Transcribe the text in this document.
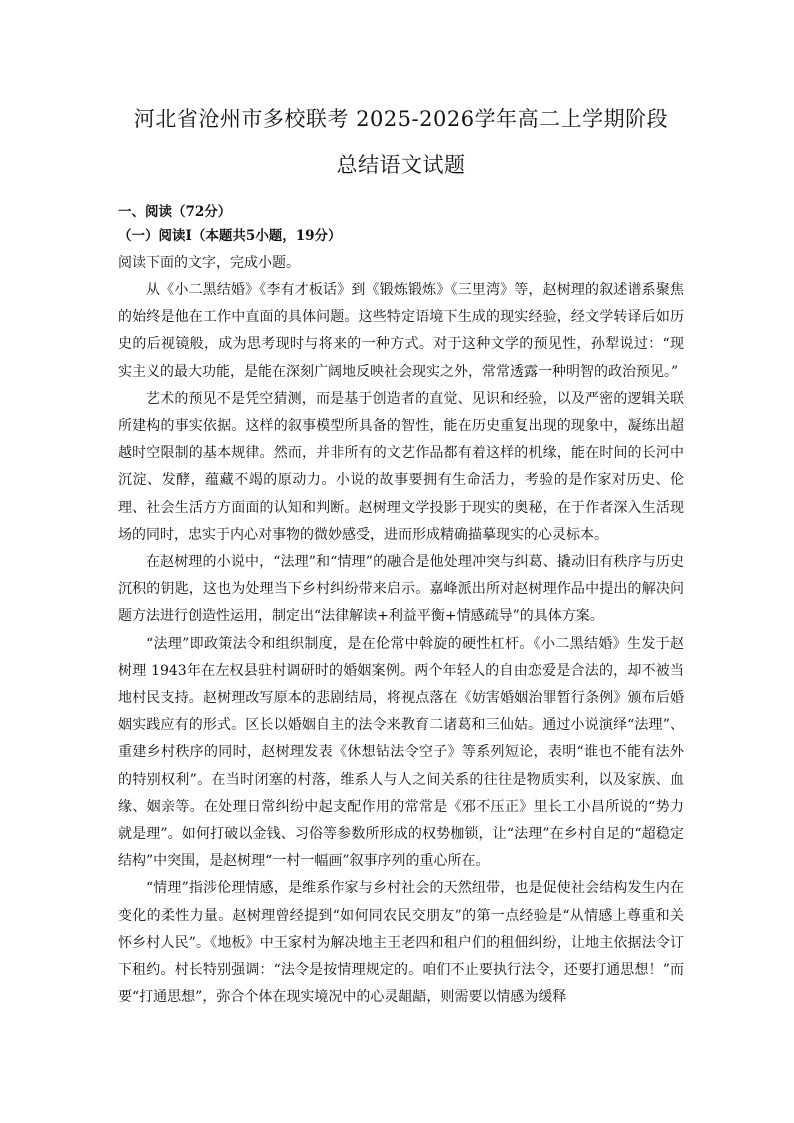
河北省沧州市多校联考 2025-2026学年高二上学期阶段
总结语文试题

一、阅读（72分）

（一）阅读Ⅰ（本题共5小题，19分）

阅读下面的文字，完成小题。

从《小二黑结婚》《李有才板话》到《锻炼锻炼》《三里湾》等，赵树理的叙述谱系聚焦的始终是他在工作中直面的具体问题。这些特定语境下生成的现实经验，经文学转译后如历史的后视镜般，成为思考现时与将来的一种方式。对于这种文学的预见性，孙犁说过：“现实主义的最大功能，是能在深刻广阔地反映社会现实之外，常常透露一种明智的政治预见。”

艺术的预见不是凭空猜测，而是基于创造者的直觉、见识和经验，以及严密的逻辑关联所建构的事实依据。这样的叙事模型所具备的智性，能在历史重复出现的现象中，凝练出超越时空限制的基本规律。然而，并非所有的文艺作品都有着这样的机缘，能在时间的长河中沉淀、发酵，蕴藏不竭的原动力。小说的故事要拥有生命活力，考验的是作家对历史、伦理、社会生活方方面面的认知和判断。赵树理文学投影于现实的奥秘，在于作者深入生活现场的同时，忠实于内心对事物的微妙感受，进而形成精确描摹现实的心灵标本。

在赵树理的小说中，“法理”和“情理”的融合是他处理冲突与纠葛、撬动旧有秩序与历史沉积的钥匙，这也为处理当下乡村纠纷带来启示。嘉峰派出所对赵树理作品中提出的解决问题方法进行创造性运用，制定出“法律解读+利益平衡+情感疏导”的具体方案。

“法理”即政策法令和组织制度，是在伦常中斡旋的硬性杠杆。《小二黑结婚》生发于赵树理 1943年在左权县驻村调研时的婚姻案例。两个年轻人的自由恋爱是合法的，却不被当地村民支持。赵树理改写原本的悲剧结局，将视点落在《妨害婚姻治罪暂行条例》颁布后婚姻实践应有的形式。区长以婚姻自主的法令来教育二诸葛和三仙姑。通过小说演绎“法理”、重建乡村秩序的同时，赵树理发表《休想钻法令空子》等系列短论，表明“谁也不能有法外的特别权利”。在当时闭塞的村落，维系人与人之间关系的往往是物质实利，以及家族、血缘、姻亲等。在处理日常纠纷中起支配作用的常常是《邪不压正》里长工小昌所说的“势力就是理”。如何打破以金钱、习俗等参数所形成的权势枷锁，让“法理”在乡村自足的“超稳定结构”中突围，是赵树理“一村一幅画”叙事序列的重心所在。

“情理”指涉伦理情感，是维系作家与乡村社会的天然纽带，也是促使社会结构发生内在变化的柔性力量。赵树理曾经提到“如何同农民交朋友”的第一点经验是“从情感上尊重和关怀乡村人民”。《地板》中王家村为解决地主王老四和租户们的租佃纠纷，让地主依据法令订下租约。村长特别强调：“法令是按情理规定的。咱们不止要执行法令，还要打通思想！”而要“打通思想”，弥合个体在现实境况中的心灵龃龉，则需要以情感为缓释
